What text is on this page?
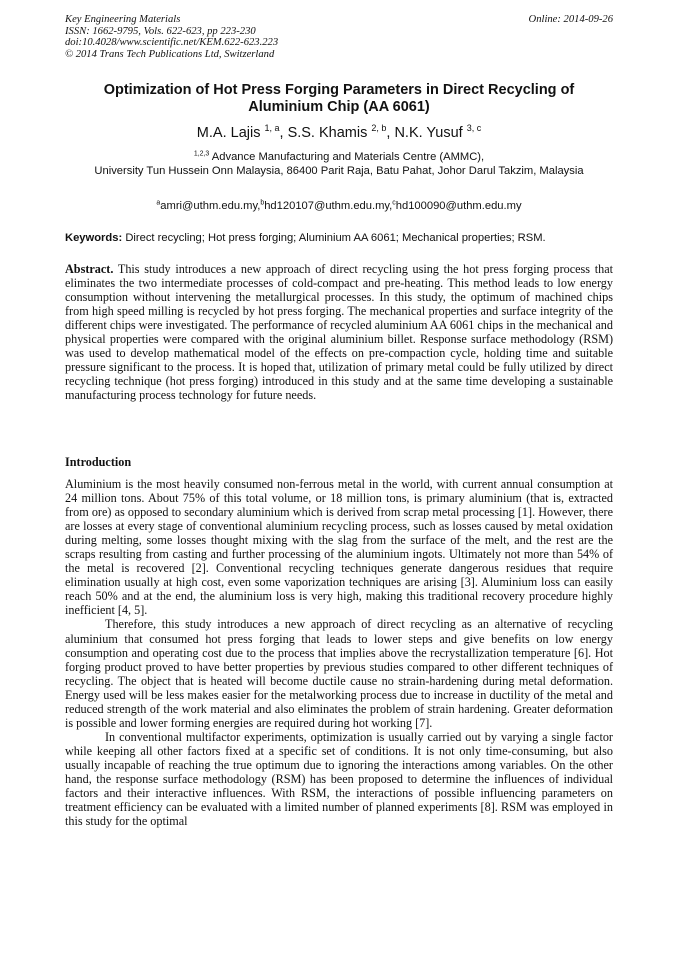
Key Engineering Materials
ISSN: 1662-9795, Vols. 622-623, pp 223-230
doi:10.4028/www.scientific.net/KEM.622-623.223
© 2014 Trans Tech Publications Ltd, Switzerland
Online: 2014-09-26
Optimization of Hot Press Forging Parameters in Direct Recycling of Aluminium Chip (AA 6061)
M.A. Lajis $^{1, a}$, S.S. Khamis $^{2, b}$, N.K. Yusuf $^{3, c}$
$^{1,2,3}$ Advance Manufacturing and Materials Centre (AMMC),
University Tun Hussein Onn Malaysia, 86400 Parit Raja, Batu Pahat, Johor Darul Takzim, Malaysia
$^a$amri@uthm.edu.my,$^b$hd120107@uthm.edu.my,$^c$hd100090@uthm.edu.my
Keywords: Direct recycling; Hot press forging; Aluminium AA 6061; Mechanical properties; RSM.
Abstract. This study introduces a new approach of direct recycling using the hot press forging process that eliminates the two intermediate processes of cold-compact and pre-heating. This method leads to low energy consumption without intervening the metallurgical processes. In this study, the optimum of machined chips from high speed milling is recycled by hot press forging. The mechanical properties and surface integrity of the different chips were investigated. The performance of recycled aluminium AA 6061 chips in the mechanical and physical properties were compared with the original aluminium billet. Response surface methodology (RSM) was used to develop mathematical model of the effects on pre-compaction cycle, holding time and suitable pressure significant to the process. It is hoped that, utilization of primary metal could be fully utilized by direct recycling technique (hot press forging) introduced in this study and at the same time developing a sustainable manufacturing process technology for future needs.
Introduction

Aluminium is the most heavily consumed non-ferrous metal in the world, with current annual consumption at 24 million tons. About 75% of this total volume, or 18 million tons, is primary aluminium (that is, extracted from ore) as opposed to secondary aluminium which is derived from scrap metal processing [1]. However, there are losses at every stage of conventional aluminium recycling process, such as losses caused by metal oxidation during melting, some losses thought mixing with the slag from the surface of the melt, and the rest are the scraps resulting from casting and further processing of the aluminium ingots. Ultimately not more than 54% of the metal is recovered [2]. Conventional recycling techniques generate dangerous residues that require elimination usually at high cost, even some vaporization techniques are arising [3]. Aluminium loss can easily reach 50% and at the end, the aluminium loss is very high, making this traditional recovery procedure highly inefficient [4, 5].

Therefore, this study introduces a new approach of direct recycling as an alternative of recycling aluminium that consumed hot press forging that leads to lower steps and give benefits on low energy consumption and operating cost due to the process that implies above the recrystallization temperature [6]. Hot forging product proved to have better properties by previous studies compared to other different techniques of recycling. The object that is heated will become ductile cause no strain-hardening during metal deformation. Energy used will be less makes easier for the metalworking process due to increase in ductility of the metal and reduced strength of the work material and also eliminates the problem of strain hardening. Greater deformation is possible and lower forming energies are required during hot working [7].

In conventional multifactor experiments, optimization is usually carried out by varying a single factor while keeping all other factors fixed at a specific set of conditions. It is not only time-consuming, but also usually incapable of reaching the true optimum due to ignoring the interactions among variables. On the other hand, the response surface methodology (RSM) has been proposed to determine the influences of individual factors and their interactive influences. With RSM, the interactions of possible influencing parameters on treatment efficiency can be evaluated with a limited number of planned experiments [8]. RSM was employed in this study for the optimal
